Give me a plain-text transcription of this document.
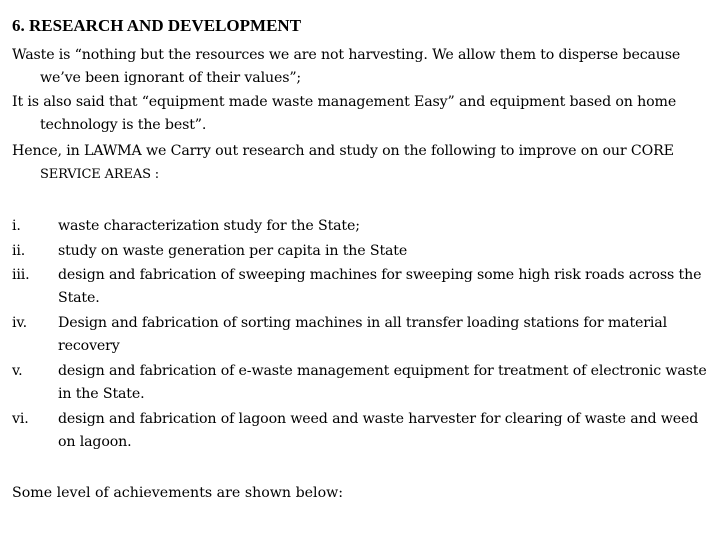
6. RESEARCH AND DEVELOPMENT
Waste is “nothing but the resources we are not harvesting. We allow them to disperse because
we’ve been ignorant of their values”;
It is also said that “equipment made waste management Easy” and equipment based on home
technology is the best”.
Hence, in LAWMA we Carry out research and study on the following to improve on our CORE
SERVICE AREAS :
i.	waste characterization study for the State;
ii. study on waste generation per capita in the State
iii. design and fabrication of sweeping machines for sweeping some high risk roads across the State.
iv. Design and fabrication of sorting machines in all transfer loading stations for material recovery
v. design and fabrication of e-waste management equipment for treatment of electronic waste in the State.
vi. design and fabrication of lagoon weed and waste harvester for clearing of waste and weed on lagoon.
Some level of achievements are shown below:
